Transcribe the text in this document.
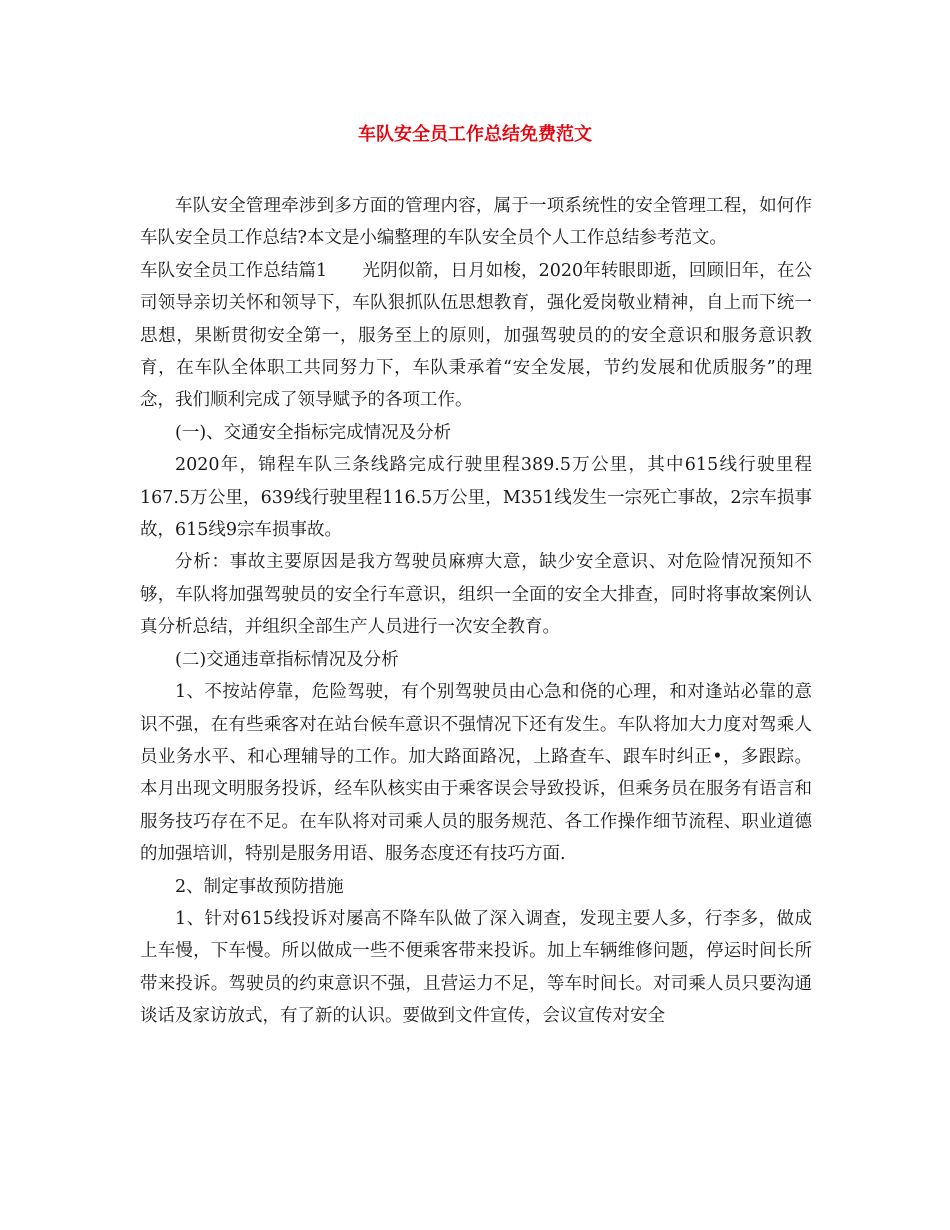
车队安全员工作总结免费范文

车队安全管理牵涉到多方面的管理内容，属于一项系统性的安全管理工程，如何作车队安全员工作总结?本文是小编整理的车队安全员个人工作总结参考范文。

车队安全员工作总结篇1　　光阴似箭，日月如梭，2020年转眼即逝，回顾旧年，在公司领导亲切关怀和领导下，车队狠抓队伍思想教育，强化爱岗敬业精神，自上而下统一思想，果断贯彻安全第一，服务至上的原则，加强驾驶员的的安全意识和服务意识教育，在车队全体职工共同努力下，车队秉承着“安全发展，节约发展和优质服务”的理念，我们顺利完成了领导赋予的各项工作。

(一)、交通安全指标完成情况及分析

2020年，锦程车队三条线路完成行驶里程389.5万公里，其中615线行驶里程167.5万公里，639线行驶里程116.5万公里，M351线发生一宗死亡事故，2宗车损事故，615线9宗车损事故。

分析：事故主要原因是我方驾驶员麻痹大意，缺少安全意识、对危险情况预知不够，车队将加强驾驶员的安全行车意识，组织一全面的安全大排查，同时将事故案例认真分析总结，并组织全部生产人员进行一次安全教育。

(二)交通违章指标情况及分析

1、不按站停靠，危险驾驶，有个别驾驶员由心急和侥的心理，和对逢站必靠的意识不强，在有些乘客对在站台候车意识不强情况下还有发生。车队将加大力度对驾乘人员业务水平、和心理辅导的工作。加大路面路况，上路查车、跟车时纠正•，多跟踪。本月出现文明服务投诉，经车队核实由于乘客误会导致投诉，但乘务员在服务有语言和服务技巧存在不足。在车队将对司乘人员的服务规范、各工作操作细节流程、职业道德的加强培训，特别是服务用语、服务态度还有技巧方面.

2、制定事故预防措施

1、针对615线投诉对屡高不降车队做了深入调查，发现主要人多，行李多，做成上车慢，下车慢。所以做成一些不便乘客带来投诉。加上车辆维修问题，停运时间长所带来投诉。驾驶员的约束意识不强，且营运力不足，等车时间长。对司乘人员只要沟通谈话及家访放式，有了新的认识。要做到文件宣传，会议宣传对安全
